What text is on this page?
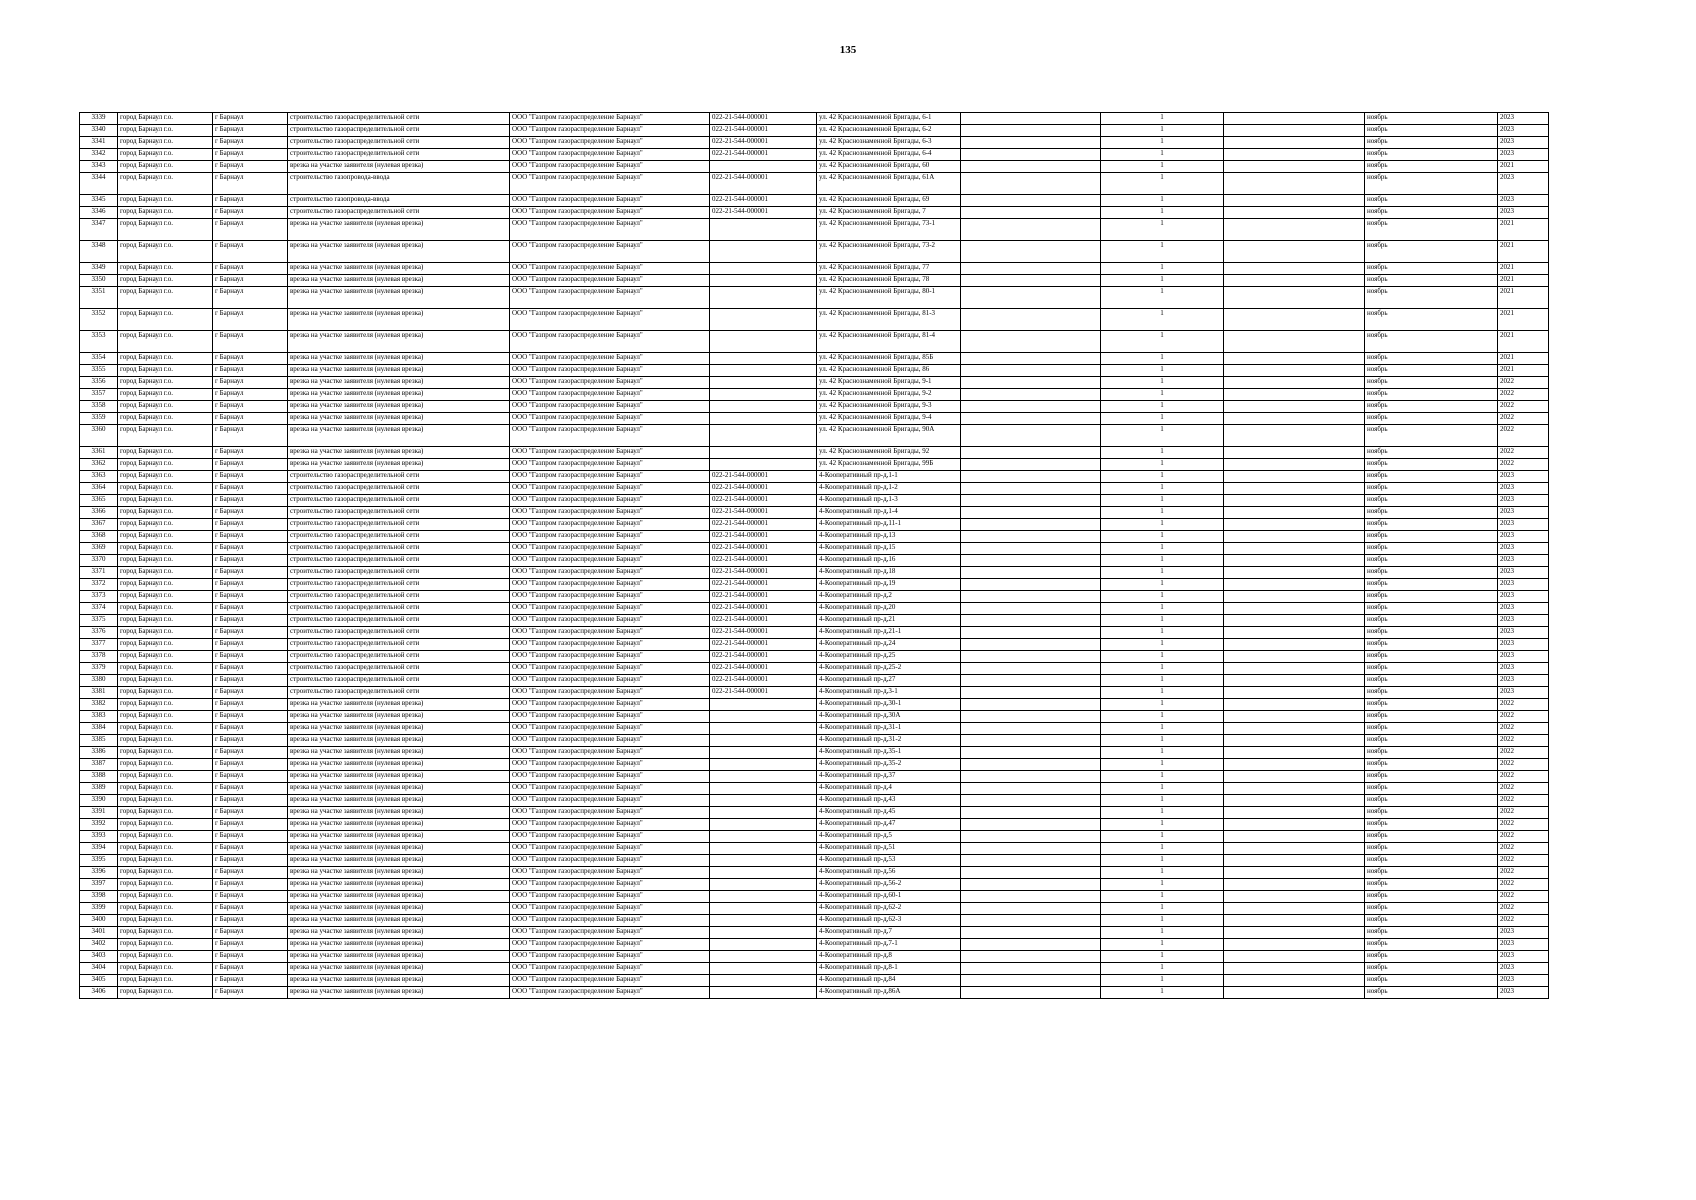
135
3339	город Барнаул г.о.	г Барнаул	строительство газораспределительной сети	ООО "Газпром газораспределение Барнаул"	022-21-544-000001	ул. 42 Краснознаменной Бригады, 6-1		1		ноябрь	2023
3340	город Барнаул г.о.	г Барнаул	строительство газораспределительной сети	ООО "Газпром газораспределение Барнаул"	022-21-544-000001	ул. 42 Краснознаменной Бригады, 6-2		1		ноябрь	2023
3341	город Барнаул г.о.	г Барнаул	строительство газораспределительной сети	ООО "Газпром газораспределение Барнаул"	022-21-544-000001	ул. 42 Краснознаменной Бригады, 6-3		1		ноябрь	2023
3342	город Барнаул г.о.	г Барнаул	строительство газораспределительной сети	ООО "Газпром газораспределение Барнаул"	022-21-544-000001	ул. 42 Краснознаменной Бригады, 6-4		1		ноябрь	2023
3343	город Барнаул г.о.	г Барнаул	врезка на участке заявителя (нулевая врезка)	ООО "Газпром газораспределение Барнаул"		ул. 42 Краснознаменной Бригады, 60		1		ноябрь	2021
3344	город Барнаул г.о.	г Барнаул	строительство газопровода-ввода	ООО "Газпром газораспределение Барнаул"	022-21-544-000001	ул. 42 Краснознаменной Бригады, 61А		1		ноябрь	2023
3345	город Барнаул г.о.	г Барнаул	строительство газопровода-ввода	ООО "Газпром газораспределение Барнаул"	022-21-544-000001	ул. 42 Краснознаменной Бригады, 69		1		ноябрь	2023
3346	город Барнаул г.о.	г Барнаул	строительство газораспределительной сети	ООО "Газпром газораспределение Барнаул"	022-21-544-000001	ул. 42 Краснознаменной Бригады, 7		1		ноябрь	2023
3347	город Барнаул г.о.	г Барнаул	врезка на участке заявителя (нулевая врезка)	ООО "Газпром газораспределение Барнаул"		ул. 42 Краснознаменной Бригады, 73-1		1		ноябрь	2021
3348	город Барнаул г.о.	г Барнаул	врезка на участке заявителя (нулевая врезка)	ООО "Газпром газораспределение Барнаул"		ул. 42 Краснознаменной Бригады, 73-2		1		ноябрь	2021
3349	город Барнаул г.о.	г Барнаул	врезка на участке заявителя (нулевая врезка)	ООО "Газпром газораспределение Барнаул"		ул. 42 Краснознаменной Бригады, 77		1		ноябрь	2021
3350	город Барнаул г.о.	г Барнаул	врезка на участке заявителя (нулевая врезка)	ООО "Газпром газораспределение Барнаул"		ул. 42 Краснознаменной Бригады, 78		1		ноябрь	2021
3351	город Барнаул г.о.	г Барнаул	врезка на участке заявителя (нулевая врезка)	ООО "Газпром газораспределение Барнаул"		ул. 42 Краснознаменной Бригады, 80-1		1		ноябрь	2021
3352	город Барнаул г.о.	г Барнаул	врезка на участке заявителя (нулевая врезка)	ООО "Газпром газораспределение Барнаул"		ул. 42 Краснознаменной Бригады, 81-3		1		ноябрь	2021
3353	город Барнаул г.о.	г Барнаул	врезка на участке заявителя (нулевая врезка)	ООО "Газпром газораспределение Барнаул"		ул. 42 Краснознаменной Бригады, 81-4		1		ноябрь	2021
3354	город Барнаул г.о.	г Барнаул	врезка на участке заявителя (нулевая врезка)	ООО "Газпром газораспределение Барнаул"		ул. 42 Краснознаменной Бригады, 85Б		1		ноябрь	2021
3355	город Барнаул г.о.	г Барнаул	врезка на участке заявителя (нулевая врезка)	ООО "Газпром газораспределение Барнаул"		ул. 42 Краснознаменной Бригады, 86		1		ноябрь	2021
3356	город Барнаул г.о.	г Барнаул	врезка на участке заявителя (нулевая врезка)	ООО "Газпром газораспределение Барнаул"		ул. 42 Краснознаменной Бригады, 9-1		1		ноябрь	2022
3357	город Барнаул г.о.	г Барнаул	врезка на участке заявителя (нулевая врезка)	ООО "Газпром газораспределение Барнаул"		ул. 42 Краснознаменной Бригады, 9-2		1		ноябрь	2022
3358	город Барнаул г.о.	г Барнаул	врезка на участке заявителя (нулевая врезка)	ООО "Газпром газораспределение Барнаул"		ул. 42 Краснознаменной Бригады, 9-3		1		ноябрь	2022
3359	город Барнаул г.о.	г Барнаул	врезка на участке заявителя (нулевая врезка)	ООО "Газпром газораспределение Барнаул"		ул. 42 Краснознаменной Бригады, 9-4		1		ноябрь	2022
3360	город Барнаул г.о.	г Барнаул	врезка на участке заявителя (нулевая врезка)	ООО "Газпром газораспределение Барнаул"		ул. 42 Краснознаменной Бригады, 90А		1		ноябрь	2022
3361	город Барнаул г.о.	г Барнаул	врезка на участке заявителя (нулевая врезка)	ООО "Газпром газораспределение Барнаул"		ул. 42 Краснознаменной Бригады, 92		1		ноябрь	2022
3362	город Барнаул г.о.	г Барнаул	врезка на участке заявителя (нулевая врезка)	ООО "Газпром газораспределение Барнаул"		ул. 42 Краснознаменной Бригады, 99Б		1		ноябрь	2022
3363	город Барнаул г.о.	г Барнаул	строительство газораспределительной сети	ООО "Газпром газораспределение Барнаул"	022-21-544-000001	4-Кооперативный пр-д,1-1		1		ноябрь	2023
3364	город Барнаул г.о.	г Барнаул	строительство газораспределительной сети	ООО "Газпром газораспределение Барнаул"	022-21-544-000001	4-Кооперативный пр-д,1-2		1		ноябрь	2023
3365	город Барнаул г.о.	г Барнаул	строительство газораспределительной сети	ООО "Газпром газораспределение Барнаул"	022-21-544-000001	4-Кооперативный пр-д,1-3		1		ноябрь	2023
3366	город Барнаул г.о.	г Барнаул	строительство газораспределительной сети	ООО "Газпром газораспределение Барнаул"	022-21-544-000001	4-Кооперативный пр-д,1-4		1		ноябрь	2023
3367	город Барнаул г.о.	г Барнаул	строительство газораспределительной сети	ООО "Газпром газораспределение Барнаул"	022-21-544-000001	4-Кооперативный пр-д,11-1		1		ноябрь	2023
3368	город Барнаул г.о.	г Барнаул	строительство газораспределительной сети	ООО "Газпром газораспределение Барнаул"	022-21-544-000001	4-Кооперативный пр-д,13		1		ноябрь	2023
3369	город Барнаул г.о.	г Барнаул	строительство газораспределительной сети	ООО "Газпром газораспределение Барнаул"	022-21-544-000001	4-Кооперативный пр-д,15		1		ноябрь	2023
3370	город Барнаул г.о.	г Барнаул	строительство газораспределительной сети	ООО "Газпром газораспределение Барнаул"	022-21-544-000001	4-Кооперативный пр-д,16		1		ноябрь	2023
3371	город Барнаул г.о.	г Барнаул	строительство газораспределительной сети	ООО "Газпром газораспределение Барнаул"	022-21-544-000001	4-Кооперативный пр-д,18		1		ноябрь	2023
3372	город Барнаул г.о.	г Барнаул	строительство газораспределительной сети	ООО "Газпром газораспределение Барнаул"	022-21-544-000001	4-Кооперативный пр-д,19		1		ноябрь	2023
3373	город Барнаул г.о.	г Барнаул	строительство газораспределительной сети	ООО "Газпром газораспределение Барнаул"	022-21-544-000001	4-Кооперативный пр-д,2		1		ноябрь	2023
3374	город Барнаул г.о.	г Барнаул	строительство газораспределительной сети	ООО "Газпром газораспределение Барнаул"	022-21-544-000001	4-Кооперативный пр-д,20		1		ноябрь	2023
3375	город Барнаул г.о.	г Барнаул	строительство газораспределительной сети	ООО "Газпром газораспределение Барнаул"	022-21-544-000001	4-Кооперативный пр-д,21		1		ноябрь	2023
3376	город Барнаул г.о.	г Барнаул	строительство газораспределительной сети	ООО "Газпром газораспределение Барнаул"	022-21-544-000001	4-Кооперативный пр-д,21-1		1		ноябрь	2023
3377	город Барнаул г.о.	г Барнаул	строительство газораспределительной сети	ООО "Газпром газораспределение Барнаул"	022-21-544-000001	4-Кооперативный пр-д,24		1		ноябрь	2023
3378	город Барнаул г.о.	г Барнаул	строительство газораспределительной сети	ООО "Газпром газораспределение Барнаул"	022-21-544-000001	4-Кооперативный пр-д,25		1		ноябрь	2023
3379	город Барнаул г.о.	г Барнаул	строительство газораспределительной сети	ООО "Газпром газораспределение Барнаул"	022-21-544-000001	4-Кооперативный пр-д,25-2		1		ноябрь	2023
3380	город Барнаул г.о.	г Барнаул	строительство газораспределительной сети	ООО "Газпром газораспределение Барнаул"	022-21-544-000001	4-Кооперативный пр-д,27		1		ноябрь	2023
3381	город Барнаул г.о.	г Барнаул	строительство газораспределительной сети	ООО "Газпром газораспределение Барнаул"	022-21-544-000001	4-Кооперативный пр-д,3-1		1		ноябрь	2023
3382	город Барнаул г.о.	г Барнаул	врезка на участке заявителя (нулевая врезка)	ООО "Газпром газораспределение Барнаул"		4-Кооперативный пр-д,30-1		1		ноябрь	2022
3383	город Барнаул г.о.	г Барнаул	врезка на участке заявителя (нулевая врезка)	ООО "Газпром газораспределение Барнаул"		4-Кооперативный пр-д,30А		1		ноябрь	2022
3384	город Барнаул г.о.	г Барнаул	врезка на участке заявителя (нулевая врезка)	ООО "Газпром газораспределение Барнаул"		4-Кооперативный пр-д,31-1		1		ноябрь	2022
3385	город Барнаул г.о.	г Барнаул	врезка на участке заявителя (нулевая врезка)	ООО "Газпром газораспределение Барнаул"		4-Кооперативный пр-д,31-2		1		ноябрь	2022
3386	город Барнаул г.о.	г Барнаул	врезка на участке заявителя (нулевая врезка)	ООО "Газпром газораспределение Барнаул"		4-Кооперативный пр-д,35-1		1		ноябрь	2022
3387	город Барнаул г.о.	г Барнаул	врезка на участке заявителя (нулевая врезка)	ООО "Газпром газораспределение Барнаул"		4-Кооперативный пр-д,35-2		1		ноябрь	2022
3388	город Барнаул г.о.	г Барнаул	врезка на участке заявителя (нулевая врезка)	ООО "Газпром газораспределение Барнаул"		4-Кооперативный пр-д,37		1		ноябрь	2022
3389	город Барнаул г.о.	г Барнаул	врезка на участке заявителя (нулевая врезка)	ООО "Газпром газораспределение Барнаул"		4-Кооперативный пр-д,4		1		ноябрь	2022
3390	город Барнаул г.о.	г Барнаул	врезка на участке заявителя (нулевая врезка)	ООО "Газпром газораспределение Барнаул"		4-Кооперативный пр-д,43		1		ноябрь	2022
3391	город Барнаул г.о.	г Барнаул	врезка на участке заявителя (нулевая врезка)	ООО "Газпром газораспределение Барнаул"		4-Кооперативный пр-д,45		1		ноябрь	2022
3392	город Барнаул г.о.	г Барнаул	врезка на участке заявителя (нулевая врезка)	ООО "Газпром газораспределение Барнаул"		4-Кооперативный пр-д,47		1		ноябрь	2022
3393	город Барнаул г.о.	г Барнаул	врезка на участке заявителя (нулевая врезка)	ООО "Газпром газораспределение Барнаул"		4-Кооперативный пр-д,5		1		ноябрь	2022
3394	город Барнаул г.о.	г Барнаул	врезка на участке заявителя (нулевая врезка)	ООО "Газпром газораспределение Барнаул"		4-Кооперативный пр-д,51		1		ноябрь	2022
3395	город Барнаул г.о.	г Барнаул	врезка на участке заявителя (нулевая врезка)	ООО "Газпром газораспределение Барнаул"		4-Кооперативный пр-д,53		1		ноябрь	2022
3396	город Барнаул г.о.	г Барнаул	врезка на участке заявителя (нулевая врезка)	ООО "Газпром газораспределение Барнаул"		4-Кооперативный пр-д,56		1		ноябрь	2022
3397	город Барнаул г.о.	г Барнаул	врезка на участке заявителя (нулевая врезка)	ООО "Газпром газораспределение Барнаул"		4-Кооперативный пр-д,56-2		1		ноябрь	2022
3398	город Барнаул г.о.	г Барнаул	врезка на участке заявителя (нулевая врезка)	ООО "Газпром газораспределение Барнаул"		4-Кооперативный пр-д,60-1		1		ноябрь	2022
3399	город Барнаул г.о.	г Барнаул	врезка на участке заявителя (нулевая врезка)	ООО "Газпром газораспределение Барнаул"		4-Кооперативный пр-д,62-2		1		ноябрь	2022
3400	город Барнаул г.о.	г Барнаул	врезка на участке заявителя (нулевая врезка)	ООО "Газпром газораспределение Барнаул"		4-Кооперативный пр-д,62-3		1		ноябрь	2022
3401	город Барнаул г.о.	г Барнаул	врезка на участке заявителя (нулевая врезка)	ООО "Газпром газораспределение Барнаул"		4-Кооперативный пр-д,7		1		ноябрь	2023
3402	город Барнаул г.о.	г Барнаул	врезка на участке заявителя (нулевая врезка)	ООО "Газпром газораспределение Барнаул"		4-Кооперативный пр-д,7-1		1		ноябрь	2023
3403	город Барнаул г.о.	г Барнаул	врезка на участке заявителя (нулевая врезка)	ООО "Газпром газораспределение Барнаул"		4-Кооперативный пр-д,8		1		ноябрь	2023
3404	город Барнаул г.о.	г Барнаул	врезка на участке заявителя (нулевая врезка)	ООО "Газпром газораспределение Барнаул"		4-Кооперативный пр-д,8-1		1		ноябрь	2023
3405	город Барнаул г.о.	г Барнаул	врезка на участке заявителя (нулевая врезка)	ООО "Газпром газораспределение Барнаул"		4-Кооперативный пр-д,84		1		ноябрь	2023
3406	город Барнаул г.о.	г Барнаул	врезка на участке заявителя (нулевая врезка)	ООО "Газпром газораспределение Барнаул"		4-Кооперативный пр-д,86А		1		ноябрь	2023
